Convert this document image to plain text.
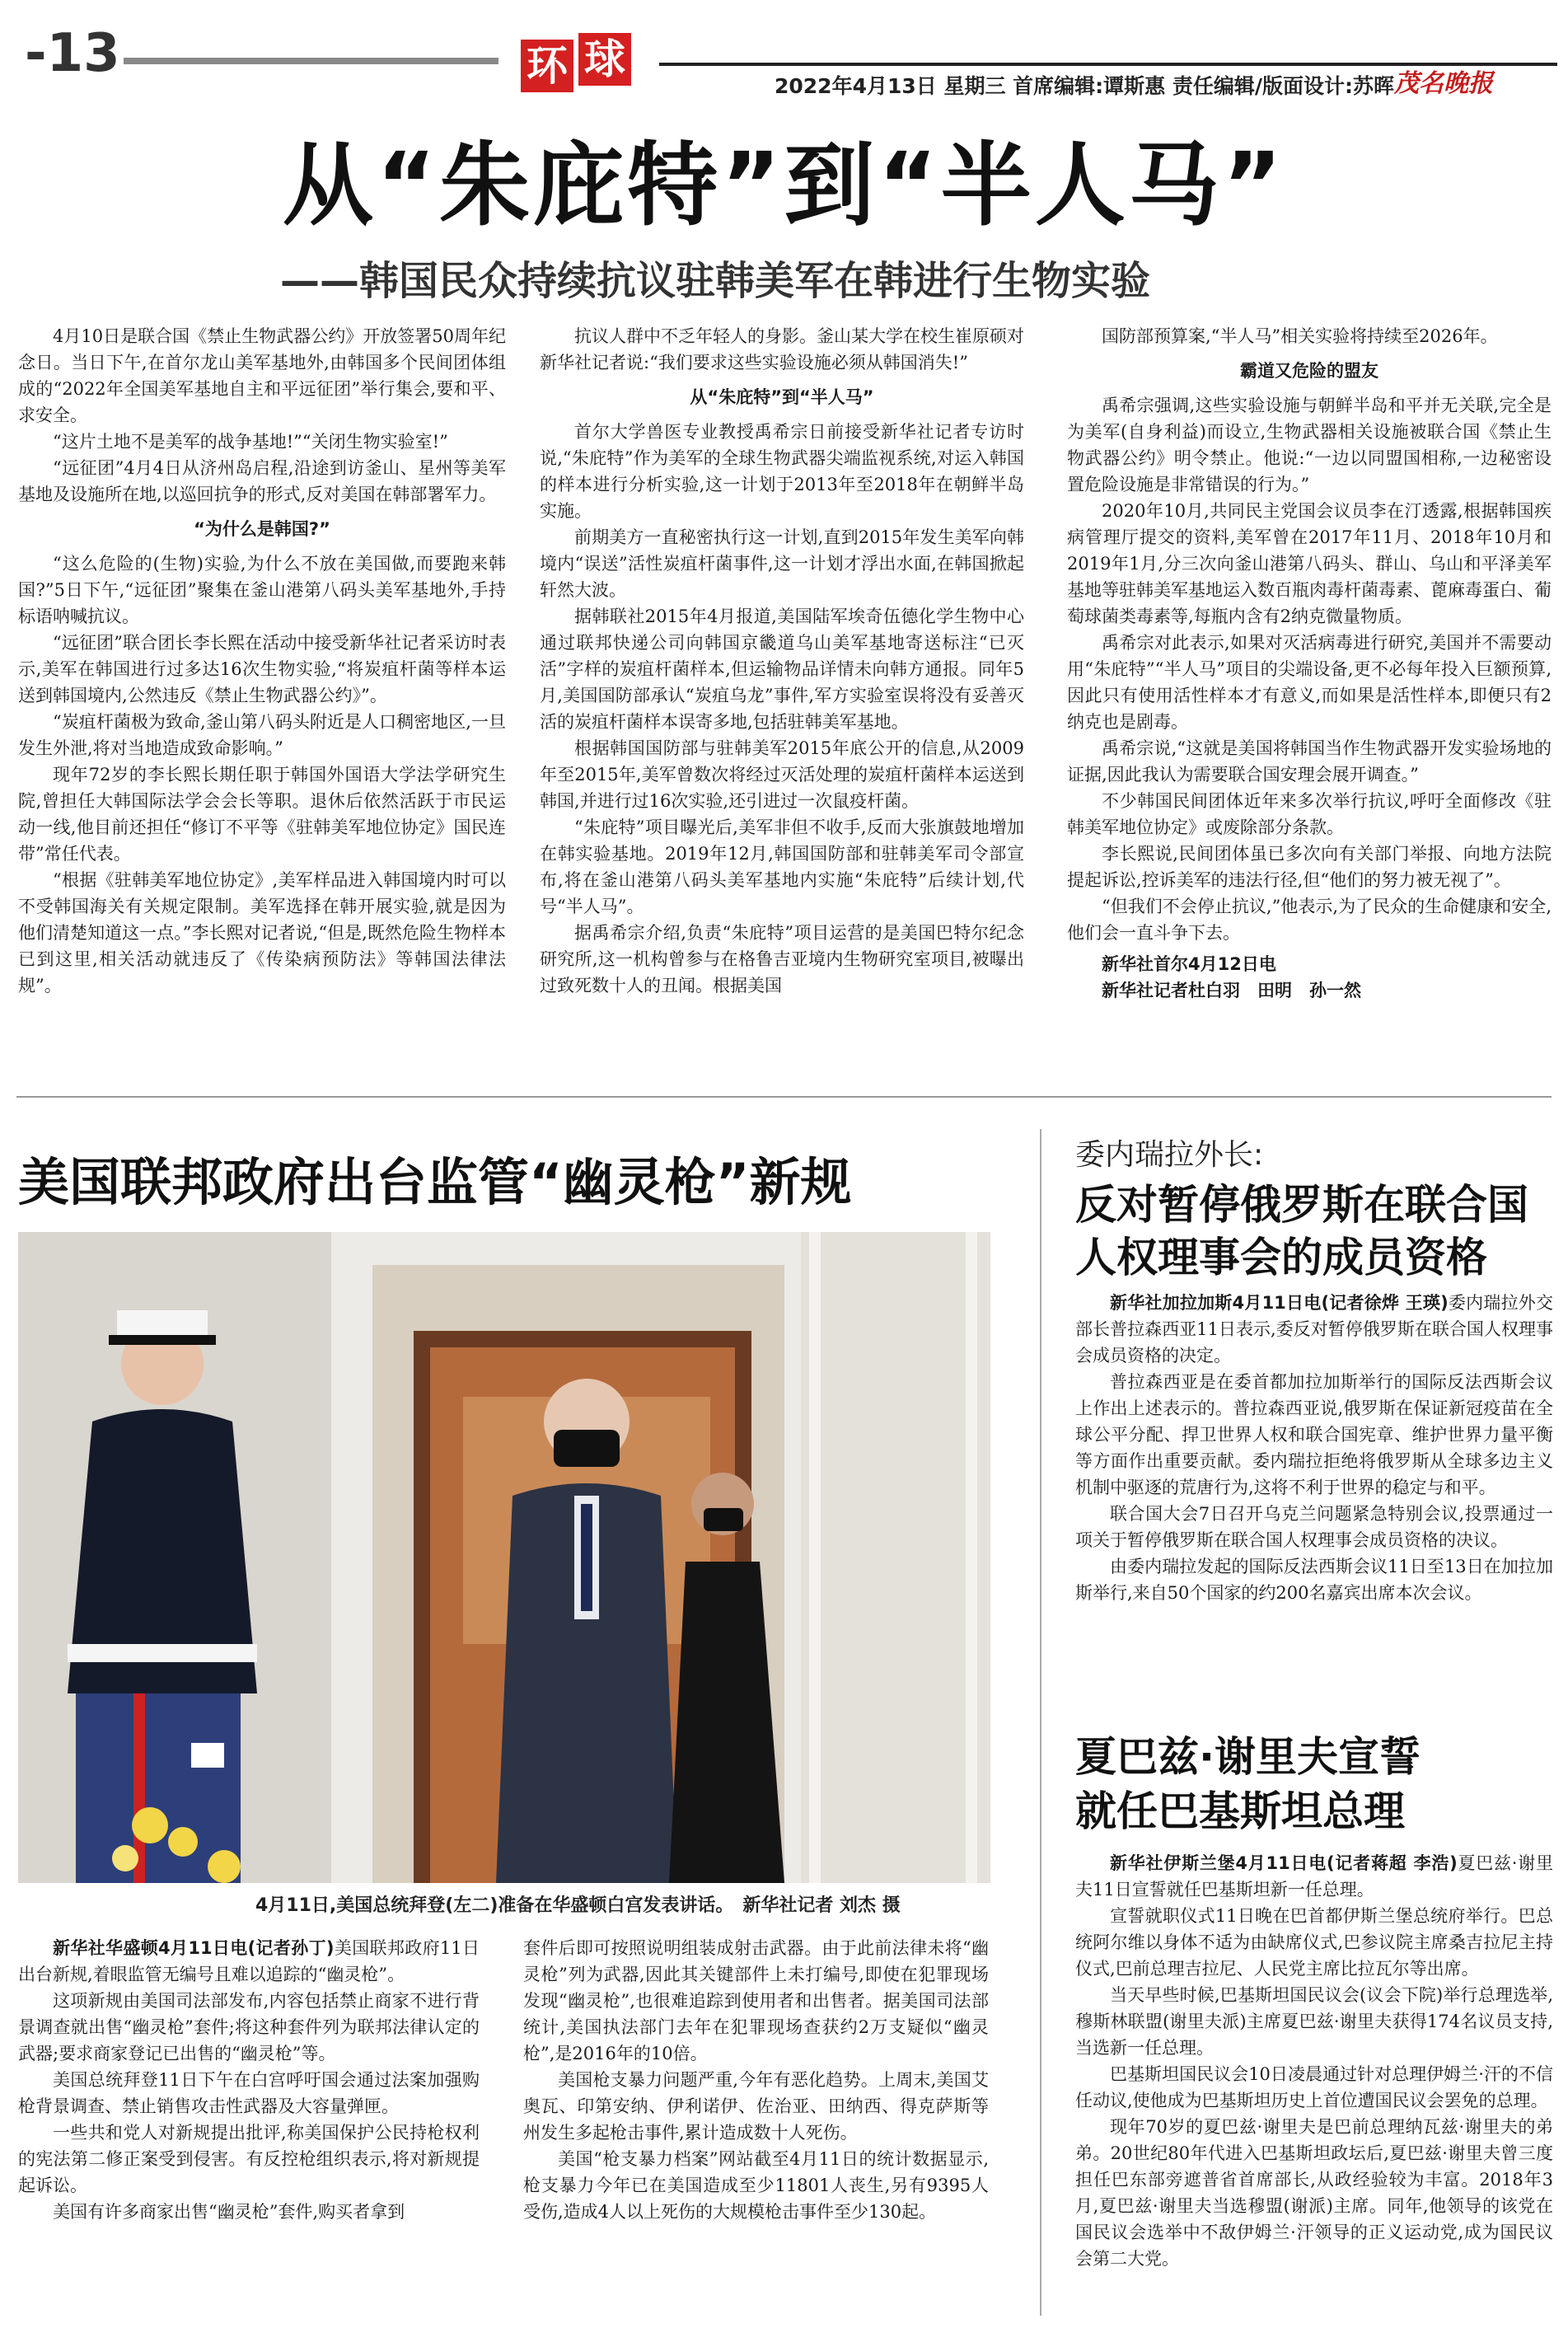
-13	环 球
2022年4月13日 星期三 首席编辑:谭斯惠 责任编辑/版面设计:苏晖 茂名晚报
从“朱庇特”到“半人马”
——韩国民众持续抗议驻韩美军在韩进行生物实验

4月10日是联合国《禁止生物武器公约》开放签署50周年纪念日。当日下午,在首尔龙山美军基地外,由韩国多个民间团体组成的“2022年全国美军基地自主和平远征团”举行集会,要和平、求安全。

“这片土地不是美军的战争基地!”“关闭生物实验室!”

“远征团”4月4日从济州岛启程,沿途到访釜山、星州等美军基地及设施所在地,以巡回抗争的形式,反对美国在韩部署军力。

“为什么是韩国?”

“这么危险的(生物)实验,为什么不放在美国做,而要跑来韩国?”5日下午,“远征团”聚集在釜山港第八码头美军基地外,手持标语呐喊抗议。

“远征团”联合团长李长熙在活动中接受新华社记者采访时表示,美军在韩国进行过多达16次生物实验,“将炭疽杆菌等样本运送到韩国境内,公然违反《禁止生物武器公约》”。

“炭疽杆菌极为致命,釜山第八码头附近是人口稠密地区,一旦发生外泄,将对当地造成致命影响。”

现年72岁的李长熙长期任职于韩国外国语大学法学研究生院,曾担任大韩国际法学会会长等职。退休后依然活跃于市民运动一线,他目前还担任“修订不平等《驻韩美军地位协定》国民连带”常任代表。

“根据《驻韩美军地位协定》,美军样品进入韩国境内时可以不受韩国海关有关规定限制。美军选择在韩开展实验,就是因为他们清楚知道这一点。”李长熙对记者说,“但是,既然危险生物样本已到这里,相关活动就违反了《传染病预防法》等韩国法律法规”。

抗议人群中不乏年轻人的身影。釜山某大学在校生崔原硕对新华社记者说:“我们要求这些实验设施必须从韩国消失!”

从“朱庇特”到“半人马”

首尔大学兽医专业教授禹希宗日前接受新华社记者专访时说,“朱庇特”作为美军的全球生物武器尖端监视系统,对运入韩国的样本进行分析实验,这一计划于2013年至2018年在朝鲜半岛实施。

前期美方一直秘密执行这一计划,直到2015年发生美军向韩境内“误送”活性炭疽杆菌事件,这一计划才浮出水面,在韩国掀起轩然大波。

据韩联社2015年4月报道,美国陆军埃奇伍德化学生物中心通过联邦快递公司向韩国京畿道乌山美军基地寄送标注“已灭活”字样的炭疽杆菌样本,但运输物品详情未向韩方通报。同年5月,美国国防部承认“炭疽乌龙”事件,军方实验室误将没有妥善灭活的炭疽杆菌样本误寄多地,包括驻韩美军基地。

根据韩国国防部与驻韩美军2015年底公开的信息,从2009年至2015年,美军曾数次将经过灭活处理的炭疽杆菌样本运送到韩国,并进行过16次实验,还引进过一次鼠疫杆菌。

“朱庇特”项目曝光后,美军非但不收手,反而大张旗鼓地增加在韩实验基地。2019年12月,韩国国防部和驻韩美军司令部宣布,将在釜山港第八码头美军基地内实施“朱庇特”后续计划,代号“半人马”。

据禹希宗介绍,负责“朱庇特”项目运营的是美国巴特尔纪念研究所,这一机构曾参与在格鲁吉亚境内生物研究室项目,被曝出过致死数十人的丑闻。根据美国

国防部预算案,“半人马”相关实验将持续至2026年。

霸道又危险的盟友

禹希宗强调,这些实验设施与朝鲜半岛和平并无关联,完全是为美军(自身利益)而设立,生物武器相关设施被联合国《禁止生物武器公约》明令禁止。他说:“一边以同盟国相称,一边秘密设置危险设施是非常错误的行为。”

2020年10月,共同民主党国会议员李在汀透露,根据韩国疾病管理厅提交的资料,美军曾在2017年11月、2018年10月和2019年1月,分三次向釜山港第八码头、群山、乌山和平泽美军基地等驻韩美军基地运入数百瓶肉毒杆菌毒素、蓖麻毒蛋白、葡萄球菌类毒素等,每瓶内含有2纳克微量物质。

禹希宗对此表示,如果对灭活病毒进行研究,美国并不需要动用“朱庇特”“半人马”项目的尖端设备,更不必每年投入巨额预算,因此只有使用活性样本才有意义,而如果是活性样本,即便只有2纳克也是剧毒。

禹希宗说,“这就是美国将韩国当作生物武器开发实验场地的证据,因此我认为需要联合国安理会展开调查。”

不少韩国民间团体近年来多次举行抗议,呼吁全面修改《驻韩美军地位协定》或废除部分条款。

李长熙说,民间团体虽已多次向有关部门举报、向地方法院提起诉讼,控诉美军的违法行径,但“他们的努力被无视了”。

“但我们不会停止抗议,”他表示,为了民众的生命健康和安全,他们会一直斗争下去。

新华社首尔4月12日电

新华社记者杜白羽　田明　孙一然

美国联邦政府出台监管“幽灵枪”新规
4月11日,美国总统拜登(左二)准备在华盛顿白宫发表讲话。　新华社记者 刘杰 摄

新华社华盛顿4月11日电(记者孙丁)美国联邦政府11日出台新规,着眼监管无编号且难以追踪的“幽灵枪”。

这项新规由美国司法部发布,内容包括禁止商家不进行背景调查就出售“幽灵枪”套件;将这种套件列为联邦法律认定的武器;要求商家登记已出售的“幽灵枪”等。

美国总统拜登11日下午在白宫呼吁国会通过法案加强购枪背景调查、禁止销售攻击性武器及大容量弹匣。

一些共和党人对新规提出批评,称美国保护公民持枪权利的宪法第二修正案受到侵害。有反控枪组织表示,将对新规提起诉讼。

美国有许多商家出售“幽灵枪”套件,购买者拿到

套件后即可按照说明组装成射击武器。由于此前法律未将“幽灵枪”列为武器,因此其关键部件上未打编号,即使在犯罪现场发现“幽灵枪”,也很难追踪到使用者和出售者。据美国司法部统计,美国执法部门去年在犯罪现场查获约2万支疑似“幽灵枪”,是2016年的10倍。

美国枪支暴力问题严重,今年有恶化趋势。上周末,美国艾奥瓦、印第安纳、伊利诺伊、佐治亚、田纳西、得克萨斯等州发生多起枪击事件,累计造成数十人死伤。

美国“枪支暴力档案”网站截至4月11日的统计数据显示,枪支暴力今年已在美国造成至少11801人丧生,另有9395人受伤,造成4人以上死伤的大规模枪击事件至少130起。

委内瑞拉外长:
反对暂停俄罗斯在联合国
人权理事会的成员资格

新华社加拉加斯4月11日电(记者徐烨 王瑛)委内瑞拉外交部长普拉森西亚11日表示,委反对暂停俄罗斯在联合国人权理事会成员资格的决定。

普拉森西亚是在委首都加拉加斯举行的国际反法西斯会议上作出上述表示的。普拉森西亚说,俄罗斯在保证新冠疫苗在全球公平分配、捍卫世界人权和联合国宪章、维护世界力量平衡等方面作出重要贡献。委内瑞拉拒绝将俄罗斯从全球多边主义机制中驱逐的荒唐行为,这将不利于世界的稳定与和平。

联合国大会7日召开乌克兰问题紧急特别会议,投票通过一项关于暂停俄罗斯在联合国人权理事会成员资格的决议。

由委内瑞拉发起的国际反法西斯会议11日至13日在加拉加斯举行,来自50个国家的约200名嘉宾出席本次会议。

夏巴兹·谢里夫宣誓
就任巴基斯坦总理

新华社伊斯兰堡4月11日电(记者蒋超 李浩)夏巴兹·谢里夫11日宣誓就任巴基斯坦新一任总理。

宣誓就职仪式11日晚在巴首都伊斯兰堡总统府举行。巴总统阿尔维以身体不适为由缺席仪式,巴参议院主席桑吉拉尼主持仪式,巴前总理吉拉尼、人民党主席比拉瓦尔等出席。

当天早些时候,巴基斯坦国民议会(议会下院)举行总理选举,穆斯林联盟(谢里夫派)主席夏巴兹·谢里夫获得174名议员支持,当选新一任总理。

巴基斯坦国民议会10日凌晨通过针对总理伊姆兰·汗的不信任动议,使他成为巴基斯坦历史上首位遭国民议会罢免的总理。

现年70岁的夏巴兹·谢里夫是巴前总理纳瓦兹·谢里夫的弟弟。20世纪80年代进入巴基斯坦政坛后,夏巴兹·谢里夫曾三度担任巴东部旁遮普省首席部长,从政经验较为丰富。2018年3月,夏巴兹·谢里夫当选穆盟(谢派)主席。同年,他领导的该党在国民议会选举中不敌伊姆兰·汗领导的正义运动党,成为国民议会第二大党。
